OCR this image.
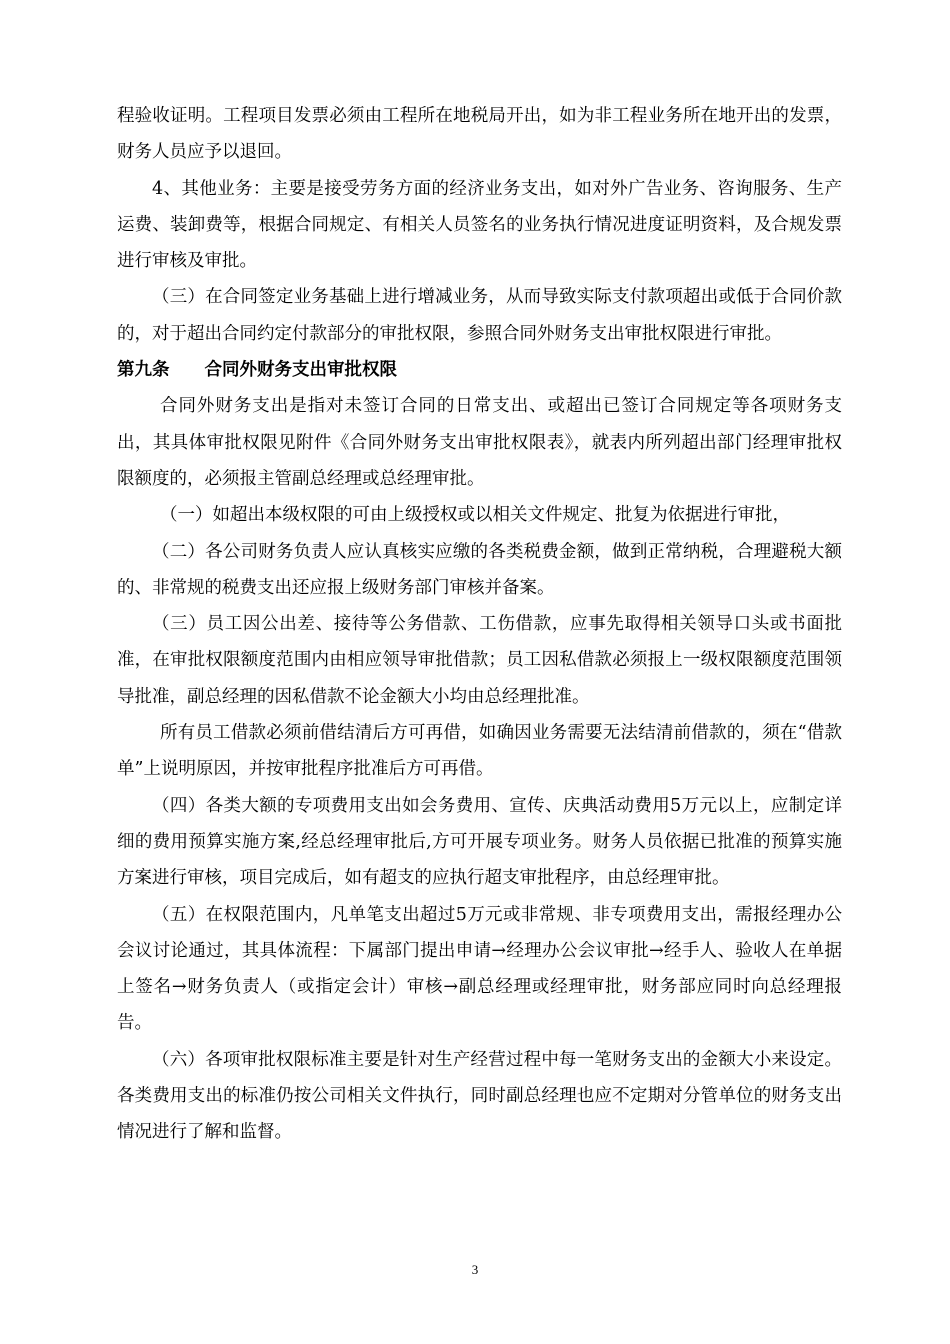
程验收证明。工程项目发票必须由工程所在地税局开出，如为非工程业务所在地开出的发票，财务人员应予以退回。

4、其他业务：主要是接受劳务方面的经济业务支出，如对外广告业务、咨询服务、生产运费、装卸费等，根据合同规定、有相关人员签名的业务执行情况进度证明资料，及合规发票进行审核及审批。

（三）在合同签定业务基础上进行增减业务，从而导致实际支付款项超出或低于合同价款的，对于超出合同约定付款部分的审批权限，参照合同外财务支出审批权限进行审批。

第九条　　合同外财务支出审批权限

合同外财务支出是指对未签订合同的日常支出、或超出已签订合同规定等各项财务支出，其具体审批权限见附件《合同外财务支出审批权限表》，就表内所列超出部门经理审批权限额度的，必须报主管副总经理或总经理审批。

（一）如超出本级权限的可由上级授权或以相关文件规定、批复为依据进行审批，

（二）各公司财务负责人应认真核实应缴的各类税费金额，做到正常纳税，合理避税大额的、非常规的税费支出还应报上级财务部门审核并备案。

（三）员工因公出差、接待等公务借款、工伤借款，应事先取得相关领导口头或书面批准，在审批权限额度范围内由相应领导审批借款；员工因私借款必须报上一级权限额度范围领导批准，副总经理的因私借款不论金额大小均由总经理批准。

所有员工借款必须前借结清后方可再借，如确因业务需要无法结清前借款的，须在“借款单”上说明原因，并按审批程序批准后方可再借。

（四）各类大额的专项费用支出如会务费用、宣传、庆典活动费用5万元以上，应制定详细的费用预算实施方案,经总经理审批后,方可开展专项业务。财务人员依据已批准的预算实施方案进行审核，项目完成后，如有超支的应执行超支审批程序，由总经理审批。

（五）在权限范围内，凡单笔支出超过5万元或非常规、非专项费用支出，需报经理办公会议讨论通过，其具体流程：下属部门提出申请→经理办公会议审批→经手人、验收人在单据上签名→财务负责人（或指定会计）审核→副总经理或经理审批，财务部应同时向总经理报告。

（六）各项审批权限标准主要是针对生产经营过程中每一笔财务支出的金额大小来设定。各类费用支出的标准仍按公司相关文件执行，同时副总经理也应不定期对分管单位的财务支出情况进行了解和监督。

3
